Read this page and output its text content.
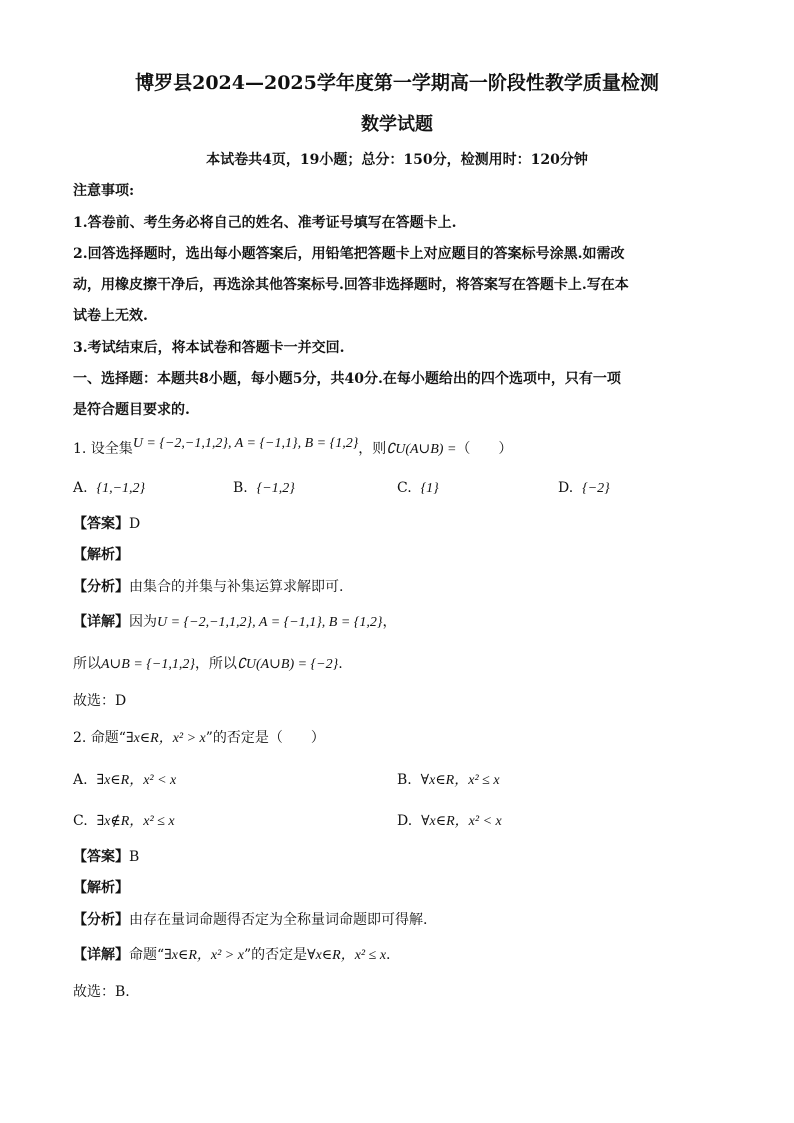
博罗县2024—2025学年度第一学期高一阶段性教学质量检测
数学试题
本试卷共4页，19小题；总分：150分，检测用时：120分钟
注意事项:
1.答卷前、考生务必将自己的姓名、准考证号填写在答题卡上.
2.回答选择题时，选出每小题答案后，用铅笔把答题卡上对应题目的答案标号涂黑.如需改
动，用橡皮擦干净后，再选涂其他答案标号.回答非选择题时，将答案写在答题卡上.写在本
试卷上无效.
3.考试结束后，将本试卷和答题卡一并交回.
一、选择题：本题共8小题，每小题5分，共40分.在每小题给出的四个选项中，只有一项
是符合题目要求的.
1. 设全集U = {−2,−1,1,2}, A = {−1,1}, B = {1,2}，则∁U(A∪B) =（　　）
A. {1,−1,2}	B. {−1,2}	C. {1}	D. {−2}
【答案】D
【解析】
【分析】由集合的并集与补集运算求解即可.
【详解】因为U = {−2,−1,1,2}, A = {−1,1}, B = {1,2}，
所以A∪B = {−1,1,2}，所以∁U(A∪B) = {−2}.
故选：D
2. 命题“∃x∈R，x² > x”的否定是（　　）
A. ∃x∈R，x² < x	B. ∀x∈R，x² ≤ x
C. ∃x∉R，x² ≤ x	D. ∀x∈R，x² < x
【答案】B
【解析】
【分析】由存在量词命题得否定为全称量词命题即可得解.
【详解】命题“∃x∈R，x² > x”的否定是∀x∈R，x² ≤ x.
故选：B.
